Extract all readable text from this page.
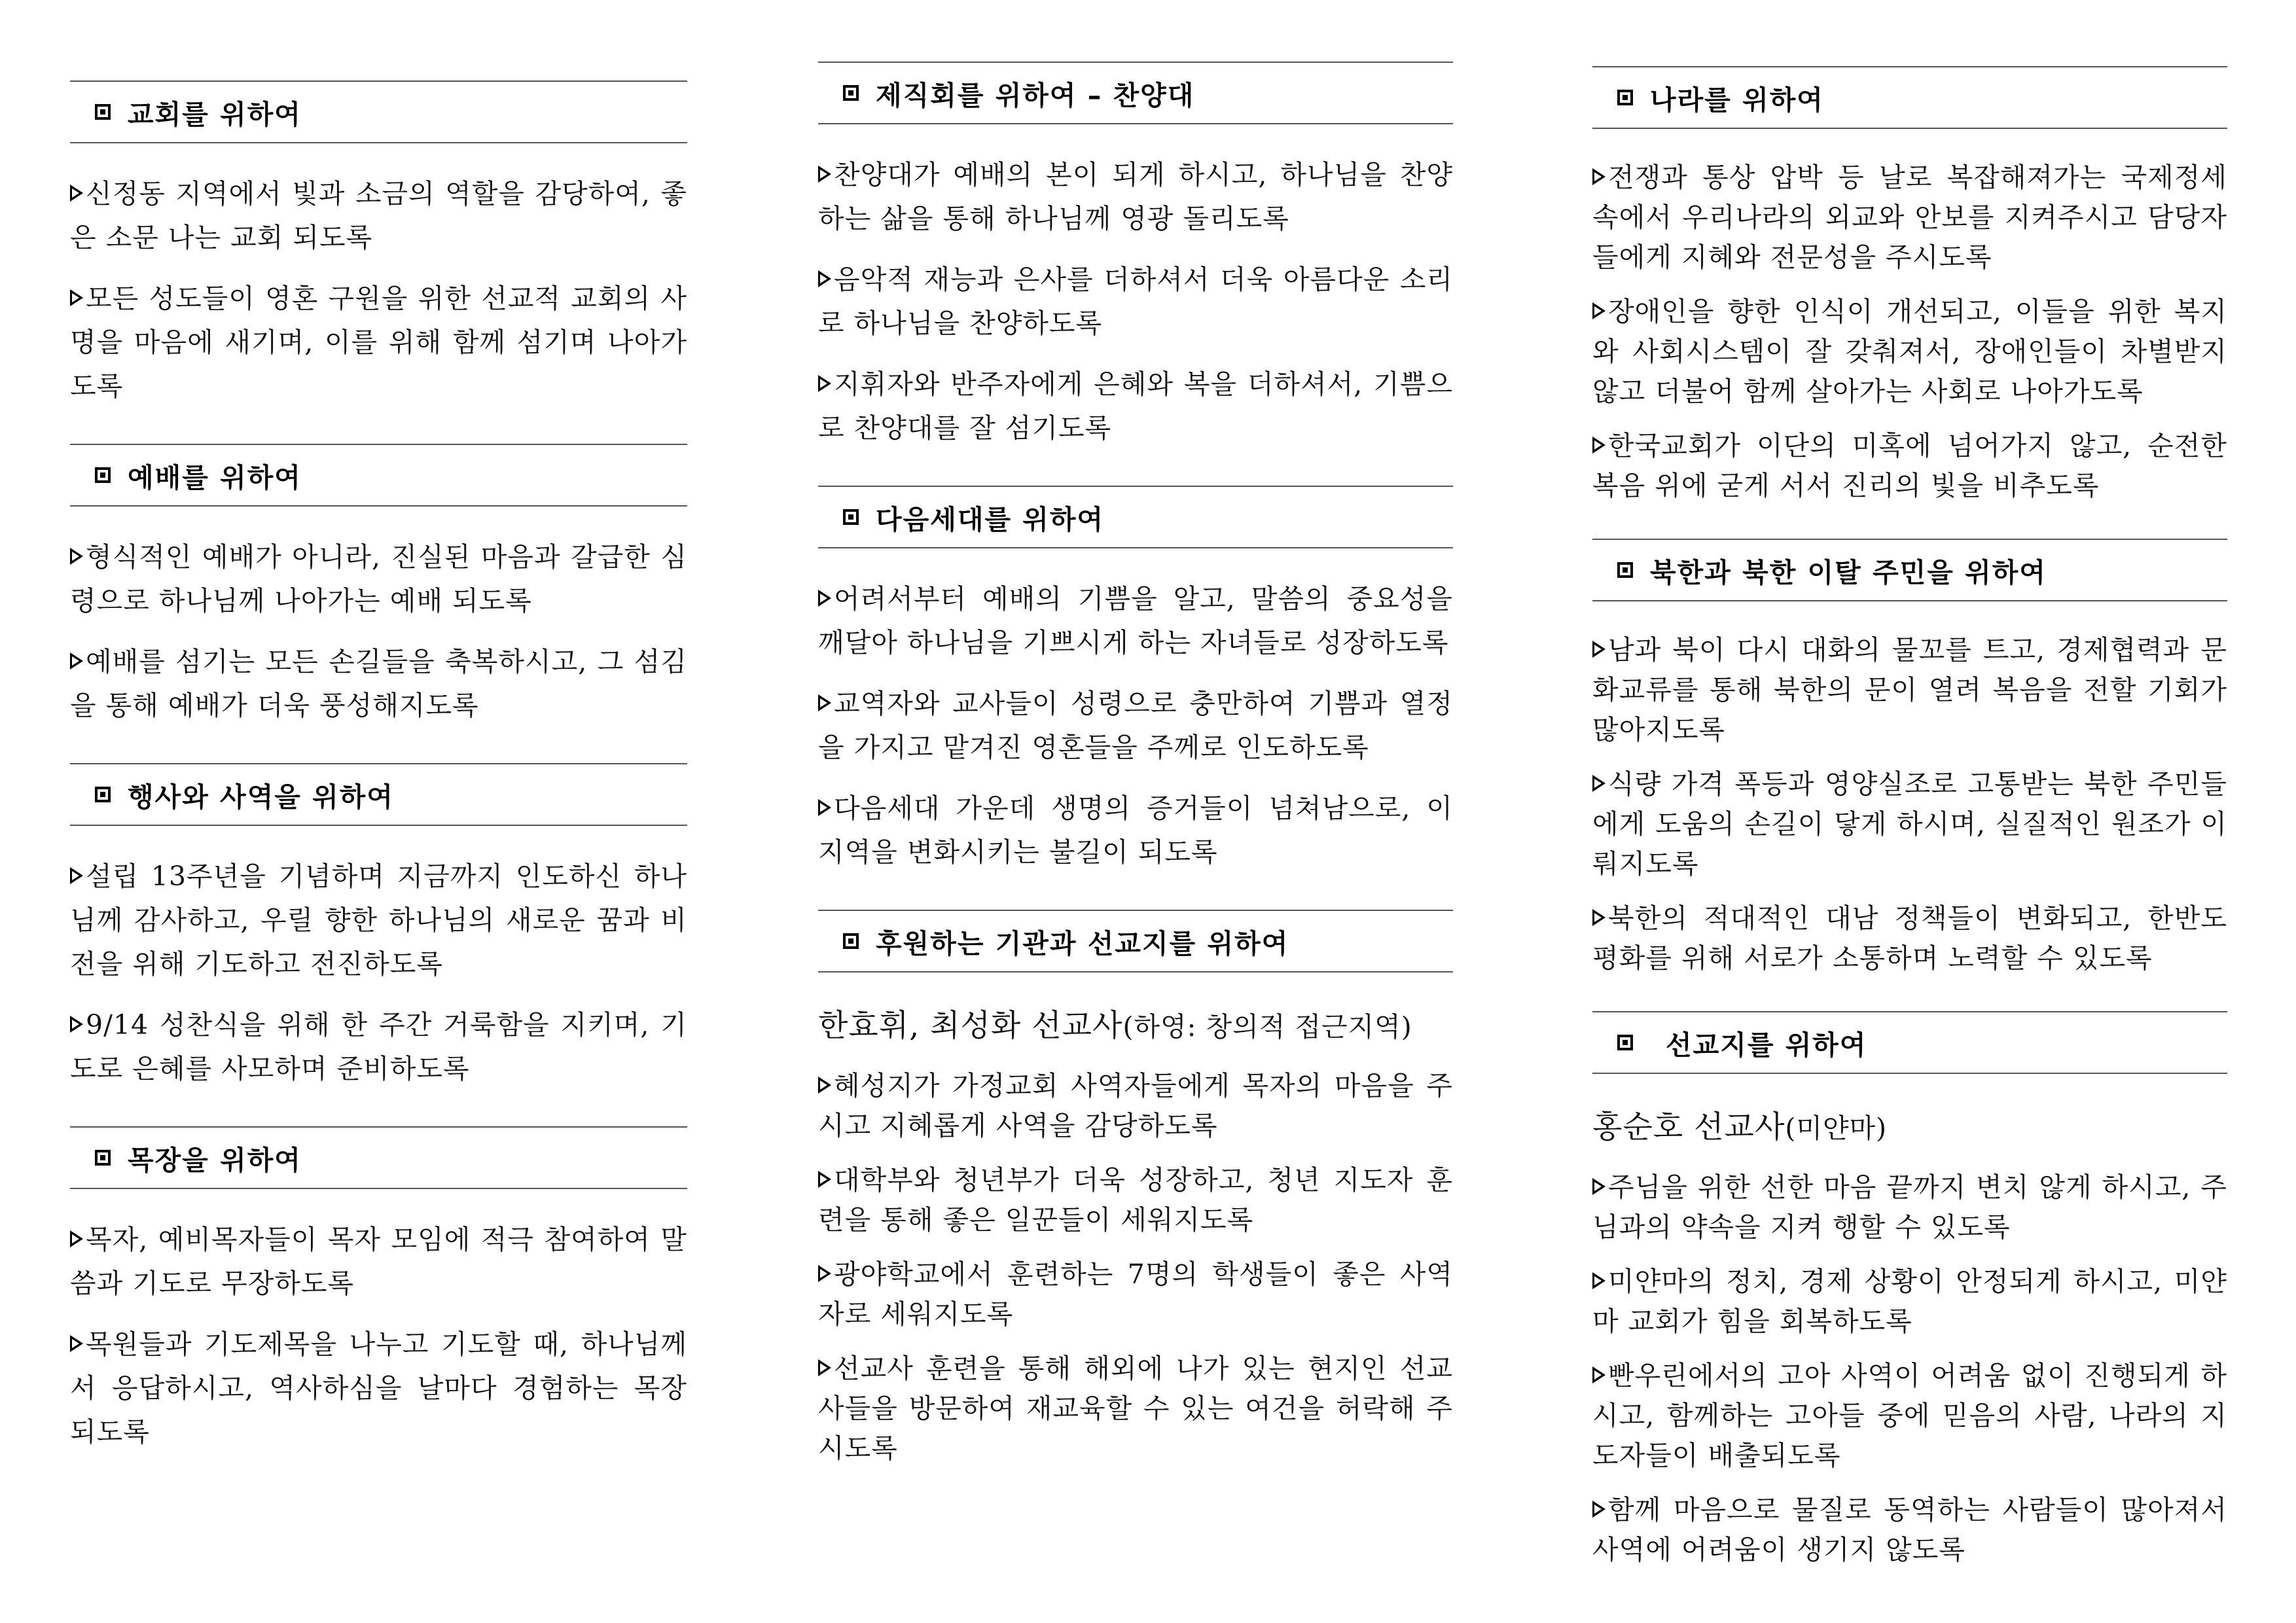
교회를 위하여
신정동 지역에서 빛과 소금의 역할을 감당하여, 좋은 소문 나는 교회 되도록
모든 성도들이 영혼 구원을 위한 선교적 교회의 사명을 마음에 새기며, 이를 위해 함께 섬기며 나아가도록
예배를 위하여
형식적인 예배가 아니라, 진실된 마음과 갈급한 심령으로 하나님께 나아가는 예배 되도록
예배를 섬기는 모든 손길들을 축복하시고, 그 섬김을 통해 예배가 더욱 풍성해지도록
행사와 사역을 위하여
설립 13주년을 기념하며 지금까지 인도하신 하나님께 감사하고, 우릴 향한 하나님의 새로운 꿈과 비전을 위해 기도하고 전진하도록
9/14 성찬식을 위해 한 주간 거룩함을 지키며, 기도로 은혜를 사모하며 준비하도록
목장을 위하여
목자, 예비목자들이 목자 모임에 적극 참여하여 말씀과 기도로 무장하도록
목원들과 기도제목을 나누고 기도할 때, 하나님께서 응답하시고, 역사하심을 날마다 경험하는 목장 되도록
제직회를 위하여 – 찬양대
찬양대가 예배의 본이 되게 하시고, 하나님을 찬양하는 삶을 통해 하나님께 영광 돌리도록
음악적 재능과 은사를 더하셔서 더욱 아름다운 소리로 하나님을 찬양하도록
지휘자와 반주자에게 은혜와 복을 더하셔서, 기쁨으로 찬양대를 잘 섬기도록
다음세대를 위하여
어려서부터 예배의 기쁨을 알고, 말씀의 중요성을 깨달아 하나님을 기쁘시게 하는 자녀들로 성장하도록
교역자와 교사들이 성령으로 충만하여 기쁨과 열정을 가지고 맡겨진 영혼들을 주께로 인도하도록
다음세대 가운데 생명의 증거들이 넘쳐남으로, 이 지역을 변화시키는 불길이 되도록
후원하는 기관과 선교지를 위하여
한효휘, 최성화 선교사(하영: 창의적 접근지역)
혜성지가 가정교회 사역자들에게 목자의 마음을 주시고 지혜롭게 사역을 감당하도록
대학부와 청년부가 더욱 성장하고, 청년 지도자 훈련을 통해 좋은 일꾼들이 세워지도록
광야학교에서 훈련하는 7명의 학생들이 좋은 사역자로 세워지도록
선교사 훈련을 통해 해외에 나가 있는 현지인 선교사들을 방문하여 재교육할 수 있는 여건을 허락해 주시도록
나라를 위하여
전쟁과 통상 압박 등 날로 복잡해져가는 국제정세 속에서 우리나라의 외교와 안보를 지켜주시고 담당자들에게 지혜와 전문성을 주시도록
장애인을 향한 인식이 개선되고, 이들을 위한 복지와 사회시스템이 잘 갖춰져서, 장애인들이 차별받지 않고 더불어 함께 살아가는 사회로 나아가도록
한국교회가 이단의 미혹에 넘어가지 않고, 순전한 복음 위에 굳게 서서 진리의 빛을 비추도록
북한과 북한 이탈 주민을 위하여
남과 북이 다시 대화의 물꼬를 트고, 경제협력과 문화교류를 통해 북한의 문이 열려 복음을 전할 기회가 많아지도록
식량 가격 폭등과 영양실조로 고통받는 북한 주민들에게 도움의 손길이 닿게 하시며, 실질적인 원조가 이뤄지도록
북한의 적대적인 대남 정책들이 변화되고, 한반도 평화를 위해 서로가 소통하며 노력할 수 있도록
선교지를 위하여
홍순호 선교사(미얀마)
주님을 위한 선한 마음 끝까지 변치 않게 하시고, 주님과의 약속을 지켜 행할 수 있도록
미얀마의 정치, 경제 상황이 안정되게 하시고, 미얀마 교회가 힘을 회복하도록
빤우린에서의 고아 사역이 어려움 없이 진행되게 하시고, 함께하는 고아들 중에 믿음의 사람, 나라의 지도자들이 배출되도록
함께 마음으로 물질로 동역하는 사람들이 많아져서 사역에 어려움이 생기지 않도록
